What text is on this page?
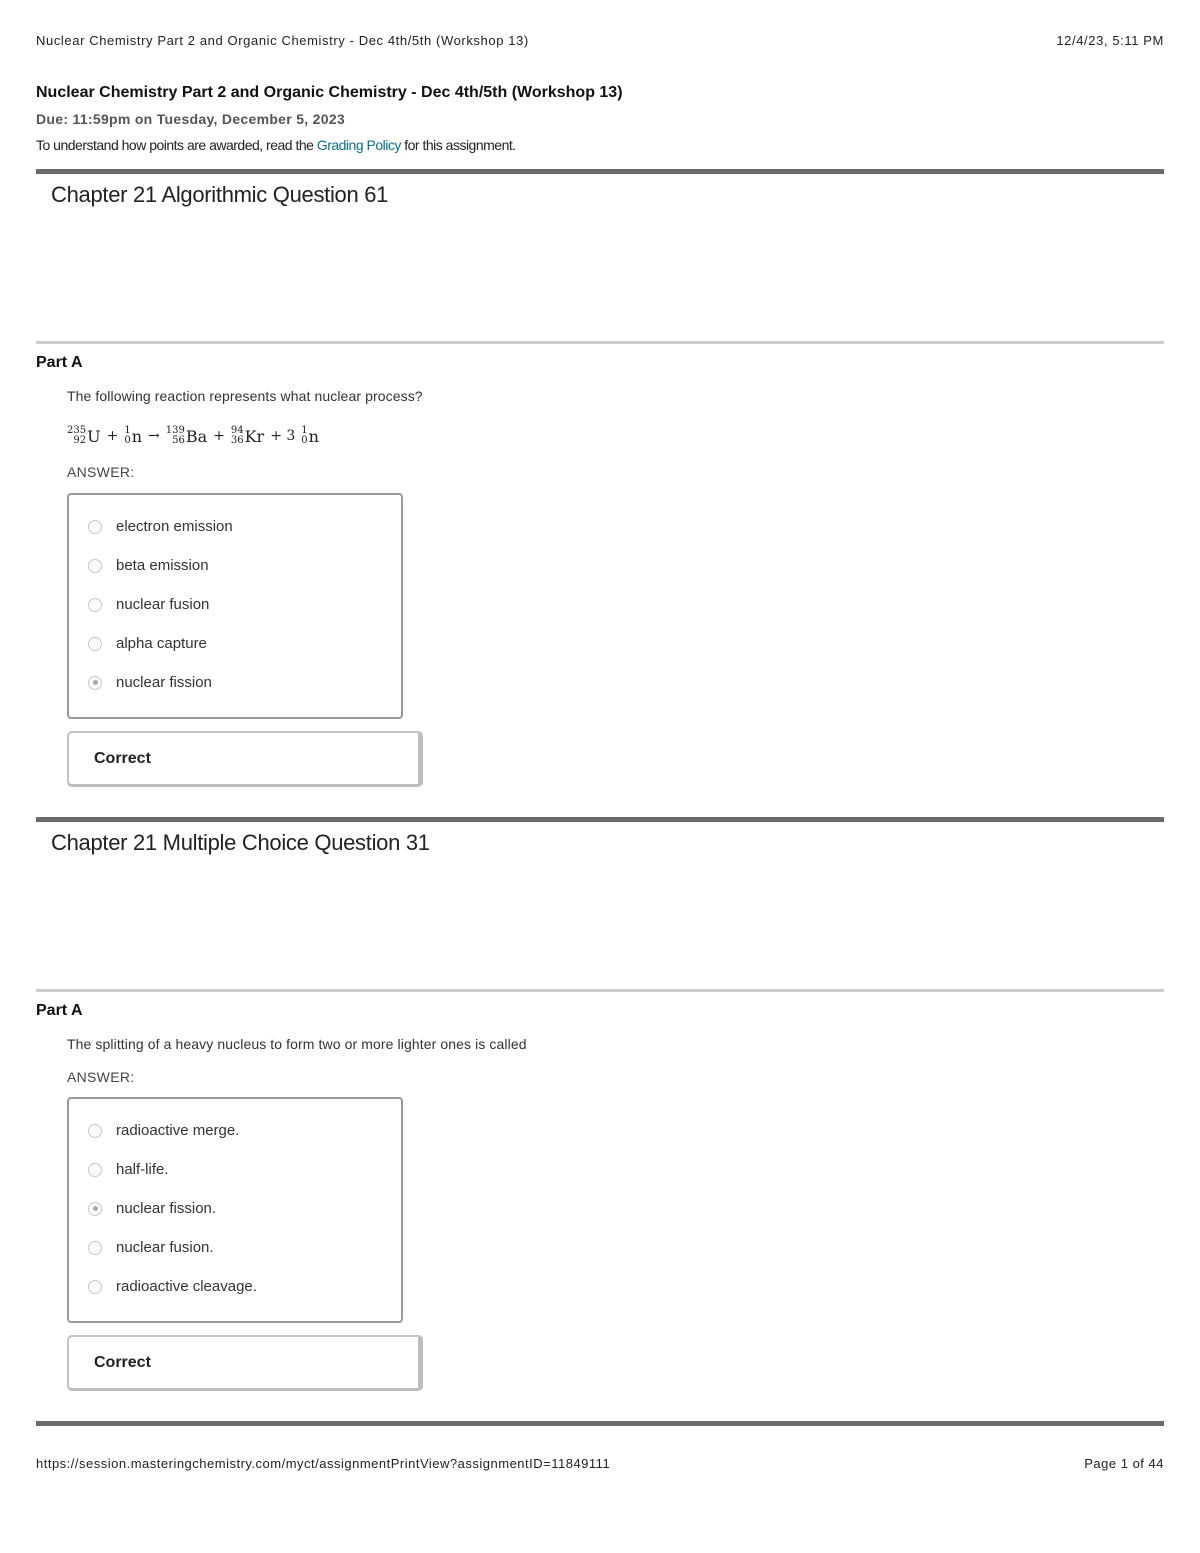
Nuclear Chemistry Part 2 and Organic Chemistry - Dec 4th/5th (Workshop 13)	12/4/23, 5:11 PM
Nuclear Chemistry Part 2 and Organic Chemistry - Dec 4th/5th (Workshop 13)
Due: 11:59pm on Tuesday, December 5, 2023
To understand how points are awarded, read the Grading Policy for this assignment.
Chapter 21 Algorithmic Question 61
Part A
The following reaction represents what nuclear process?
235
92 U + 1
0 n → 139
56 Ba + 94
36 Kr + 3 1
0 n
ANSWER:
electron emission
beta emission
nuclear fusion
alpha capture
nuclear fission
Correct
Chapter 21 Multiple Choice Question 31
Part A
The splitting of a heavy nucleus to form two or more lighter ones is called
ANSWER:
radioactive merge.
half-life.
nuclear fission.
nuclear fusion.
radioactive cleavage.
Correct
https://session.masteringchemistry.com/myct/assignmentPrintView?assignmentID=11849111	Page 1 of 44
